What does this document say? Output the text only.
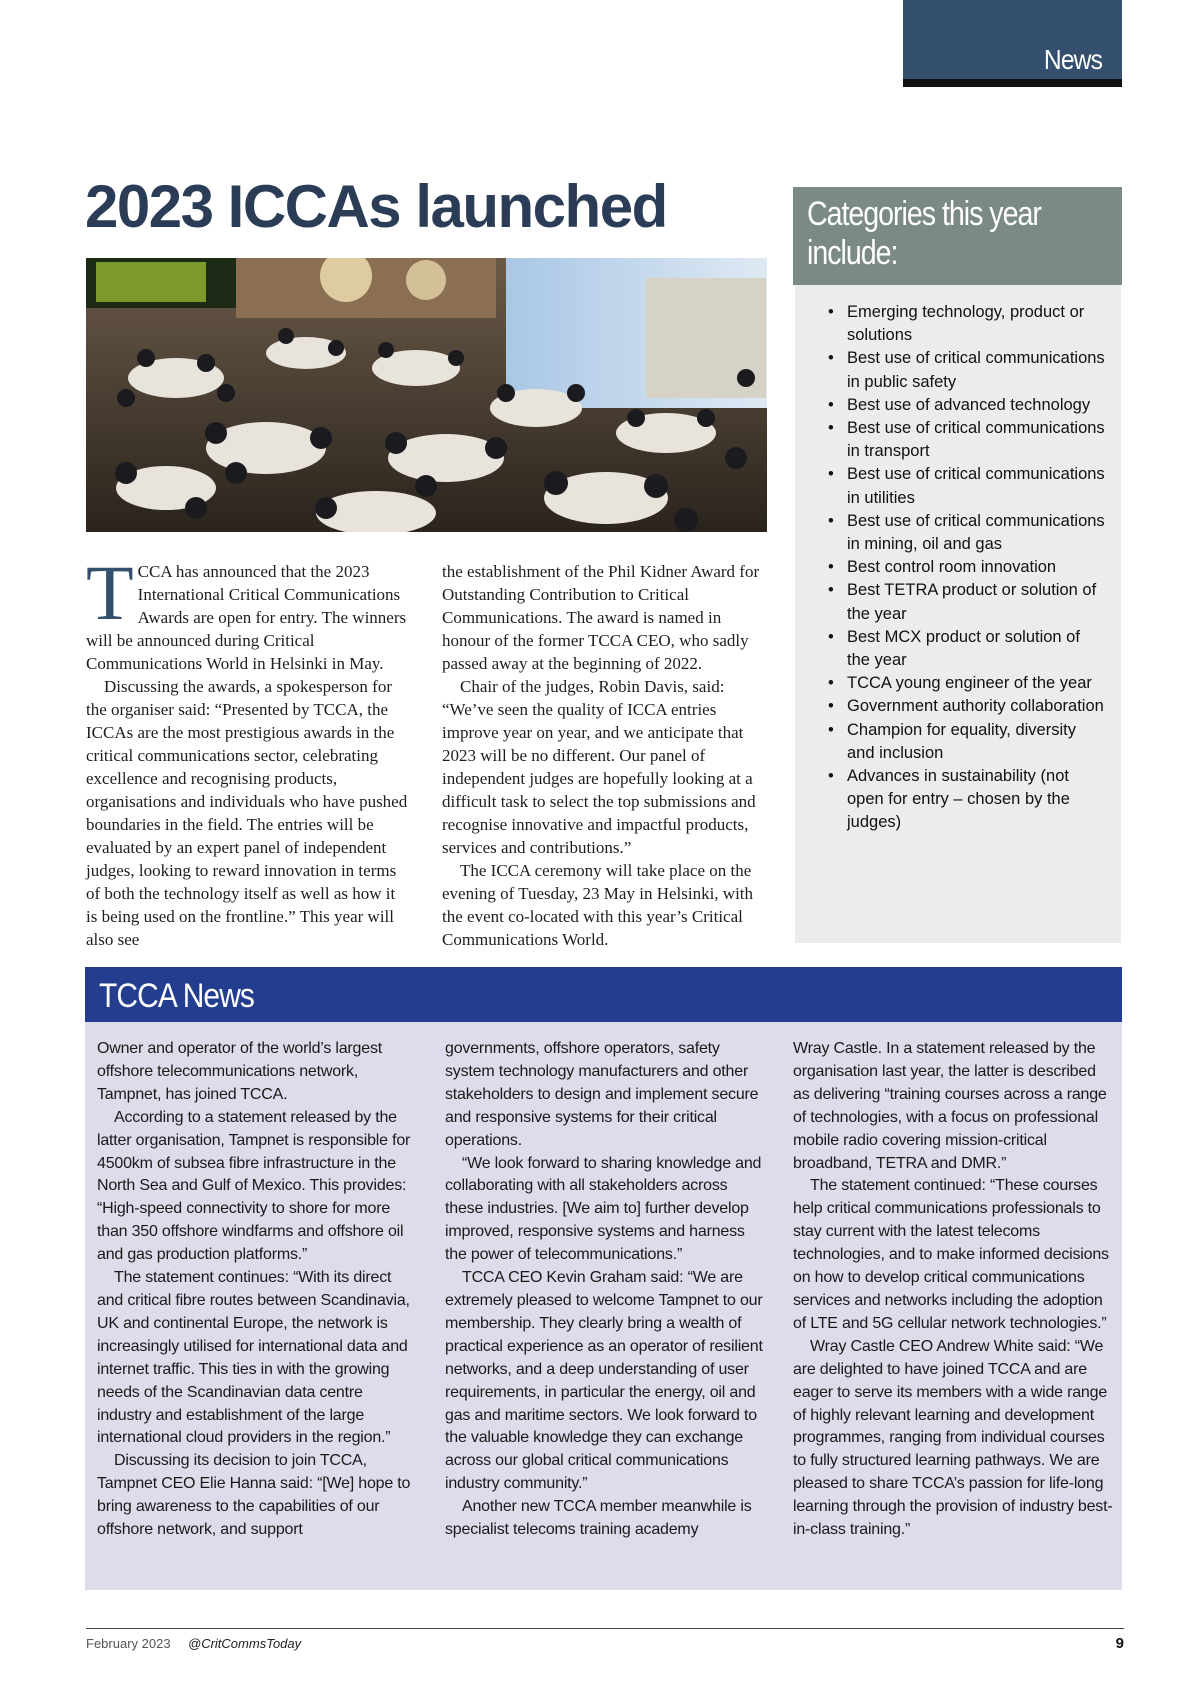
News
2023 ICCAs launched

TCCA has announced that the 2023 International Critical Communications Awards are open for entry. The winners will be announced during Critical Communications World in Helsinki in May.

Discussing the awards, a spokesperson for the organiser said: “Presented by TCCA, the ICCAs are the most prestigious awards in the critical communications sector, celebrating excellence and recognising products, organisations and individuals who have pushed boundaries in the field. The entries will be evaluated by an expert panel of independent judges, looking to reward innovation in terms of both the technology itself as well as how it is being used on the frontline.” This year will also see

the establishment of the Phil Kidner Award for Outstanding Contribution to Critical Communications. The award is named in honour of the former TCCA CEO, who sadly passed away at the beginning of 2022.

Chair of the judges, Robin Davis, said: “We’ve seen the quality of ICCA entries improve year on year, and we anticipate that 2023 will be no different. Our panel of independent judges are hopefully looking at a difficult task to select the top submissions and recognise innovative and impactful products, services and contributions.”

The ICCA ceremony will take place on the evening of Tuesday, 23 May in Helsinki, with the event co-located with this year’s Critical Communications World.

Categories this year include:
• Emerging technology, product or solutions
• Best use of critical communications in public safety
• Best use of advanced technology
• Best use of critical communications in transport
• Best use of critical communications in utilities
• Best use of critical communications in mining, oil and gas
• Best control room innovation
• Best TETRA product or solution of the year
• Best MCX product or solution of the year
• TCCA young engineer of the year
• Government authority collaboration
• Champion for equality, diversity and inclusion
• Advances in sustainability (not open for entry – chosen by the judges)
TCCA News

Owner and operator of the world’s largest offshore telecommunications network, Tampnet, has joined TCCA.

According to a statement released by the latter organisation, Tampnet is responsible for 4500km of subsea fibre infrastructure in the North Sea and Gulf of Mexico. This provides: “High-speed connectivity to shore for more than 350 offshore windfarms and offshore oil and gas production platforms.”

The statement continues: “With its direct and critical fibre routes between Scandinavia, UK and continental Europe, the network is increasingly utilised for international data and internet traffic. This ties in with the growing needs of the Scandinavian data centre industry and establishment of the large international cloud providers in the region.”

Discussing its decision to join TCCA, Tampnet CEO Elie Hanna said: “[We] hope to bring awareness to the capabilities of our offshore network, and support

governments, offshore operators, safety system technology manufacturers and other stakeholders to design and implement secure and responsive systems for their critical operations.

“We look forward to sharing knowledge and collaborating with all stakeholders across these industries. [We aim to] further develop improved, responsive systems and harness the power of telecommunications.”

TCCA CEO Kevin Graham said: “We are extremely pleased to welcome Tampnet to our membership. They clearly bring a wealth of practical experience as an operator of resilient networks, and a deep understanding of user requirements, in particular the energy, oil and gas and maritime sectors. We look forward to the valuable knowledge they can exchange across our global critical communications industry community.”

Another new TCCA member meanwhile is specialist telecoms training academy

Wray Castle. In a statement released by the organisation last year, the latter is described as delivering “training courses across a range of technologies, with a focus on professional mobile radio covering mission-critical broadband, TETRA and DMR.”

The statement continued: “These courses help critical communications professionals to stay current with the latest telecoms technologies, and to make informed decisions on how to develop critical communications services and networks including the adoption of LTE and 5G cellular network technologies.”

Wray Castle CEO Andrew White said: “We are delighted to have joined TCCA and are eager to serve its members with a wide range of highly relevant learning and development programmes, ranging from individual courses to fully structured learning pathways. We are pleased to share TCCA’s passion for life-long learning through the provision of industry best-in-class training.”

February 2023 @CritCommsToday	9
